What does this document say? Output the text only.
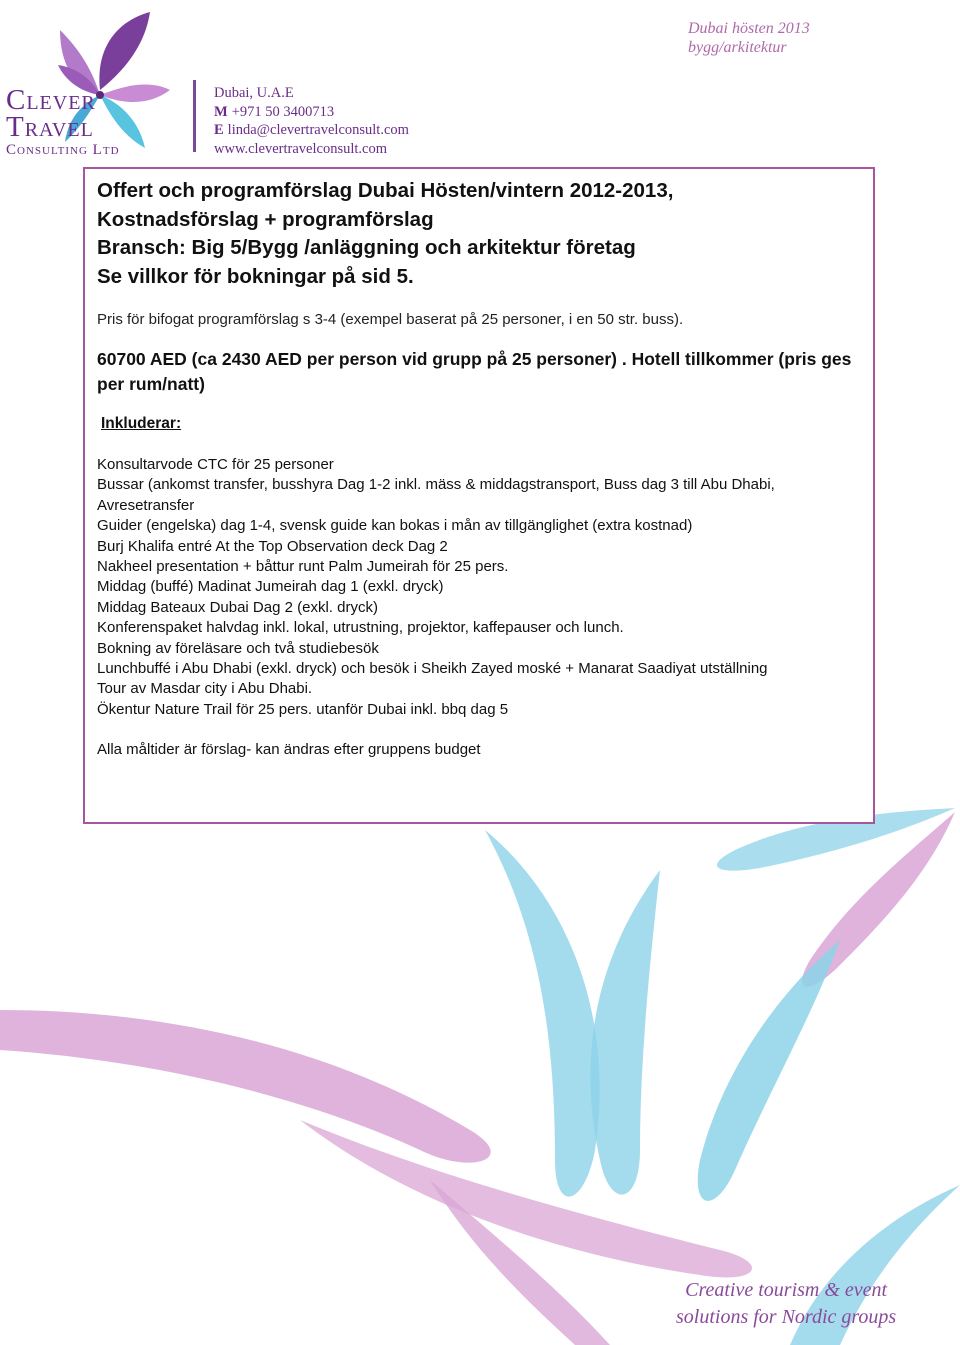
Clever
Travel
Consulting Ltd
Dubai, U.A.E
M +971 50 3400713
E linda@clevertravelconsult.com
www.clevertravelconsult.com
Dubai hösten 2013
bygg/arkitektur
Offert och programförslag Dubai Hösten/vintern 2012-2013,
Kostnadsförslag + programförslag
Bransch: Big 5/Bygg /anläggning och arkitektur företag
Se villkor för bokningar på sid 5.
Pris för bifogat programförslag s 3-4 (exempel baserat på 25 personer, i en 50 str. buss).
60700 AED (ca 2430 AED per person vid grupp på 25 personer) . Hotell tillkommer (pris ges per rum/natt)
Inkluderar:
Konsultarvode CTC för 25 personer
Bussar (ankomst transfer, busshyra Dag 1-2 inkl. mäss & middagstransport, Buss dag 3 till Abu Dhabi,
Avresetransfer
Guider (engelska) dag 1-4, svensk guide kan bokas i mån av tillgänglighet (extra kostnad)
Burj Khalifa entré At the Top Observation deck Dag 2
Nakheel presentation + båttur runt Palm Jumeirah för 25 pers.
Middag (buffé) Madinat Jumeirah dag 1 (exkl. dryck)
Middag Bateaux Dubai Dag 2 (exkl. dryck)
Konferenspaket halvdag inkl. lokal, utrustning, projektor, kaffepauser och lunch.
Bokning av föreläsare och två studiebesök
Lunchbuffé i Abu Dhabi (exkl. dryck) och besök i Sheikh Zayed moské + Manarat Saadiyat utställning
Tour av Masdar city i Abu Dhabi.
Ökentur Nature Trail för 25 pers. utanför Dubai inkl. bbq dag 5
Alla måltider är förslag- kan ändras efter gruppens budget
Creative tourism & event
solutions for Nordic groups
